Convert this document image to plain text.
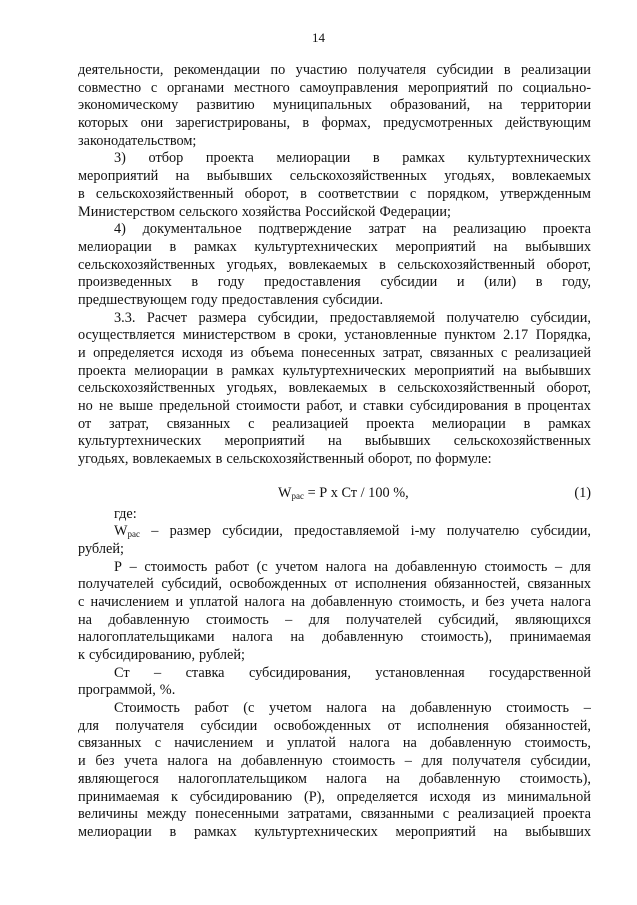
14
деятельности, рекомендации по участию получателя субсидии в реализации
совместно с органами местного самоуправления мероприятий по социально-
экономическому развитию муниципальных образований, на территории
которых они зарегистрированы, в формах, предусмотренных действующим
законодательством;
3) отбор проекта мелиорации в рамках культуртехнических
мероприятий на выбывших сельскохозяйственных угодьях, вовлекаемых
в сельскохозяйственный оборот, в соответствии с порядком, утвержденным
Министерством сельского хозяйства Российской Федерации;
4) документальное подтверждение затрат на реализацию проекта
мелиорации в рамках культуртехнических мероприятий на выбывших
сельскохозяйственных угодьях, вовлекаемых в сельскохозяйственный оборот,
произведенных в году предоставления субсидии и (или) в году,
предшествующем году предоставления субсидии.
3.3. Расчет размера субсидии, предоставляемой получателю субсидии,
осуществляется министерством в сроки, установленные пунктом 2.17 Порядка,
и определяется исходя из объема понесенных затрат, связанных с реализацией
проекта мелиорации в рамках культуртехнических мероприятий на выбывших
сельскохозяйственных угодьях, вовлекаемых в сельскохозяйственный оборот,
но не выше предельной стоимости работ, и ставки субсидирования в процентах
от затрат, связанных с реализацией проекта мелиорации в рамках
культуртехнических мероприятий на выбывших сельскохозяйственных
угодьях, вовлекаемых в сельскохозяйственный оборот, по формуле:
$W_{рас} = Р$ х Ст / 100 %,	(1)
где:
$W_{рас}$ – размер субсидии, предоставляемой i-му получателю субсидии,
рублей;
Р – стоимость работ (с учетом налога на добавленную стоимость – для
получателей субсидий, освобожденных от исполнения обязанностей, связанных
с начислением и уплатой налога на добавленную стоимость, и без учета налога
на добавленную стоимость – для получателей субсидий, являющихся
налогоплательщиками налога на добавленную стоимость), принимаемая
к субсидированию, рублей;
Ст – ставка субсидирования, установленная государственной
программой, %.
Стоимость работ (с учетом налога на добавленную стоимость –
для получателя субсидии освобожденных от исполнения обязанностей,
связанных с начислением и уплатой налога на добавленную стоимость,
и без учета налога на добавленную стоимость – для получателя субсидии,
являющегося налогоплательщиком налога на добавленную стоимость),
принимаемая к субсидированию (Р), определяется исходя из минимальной
величины между понесенными затратами, связанными с реализацией проекта
мелиорации в рамках культуртехнических мероприятий на выбывших
